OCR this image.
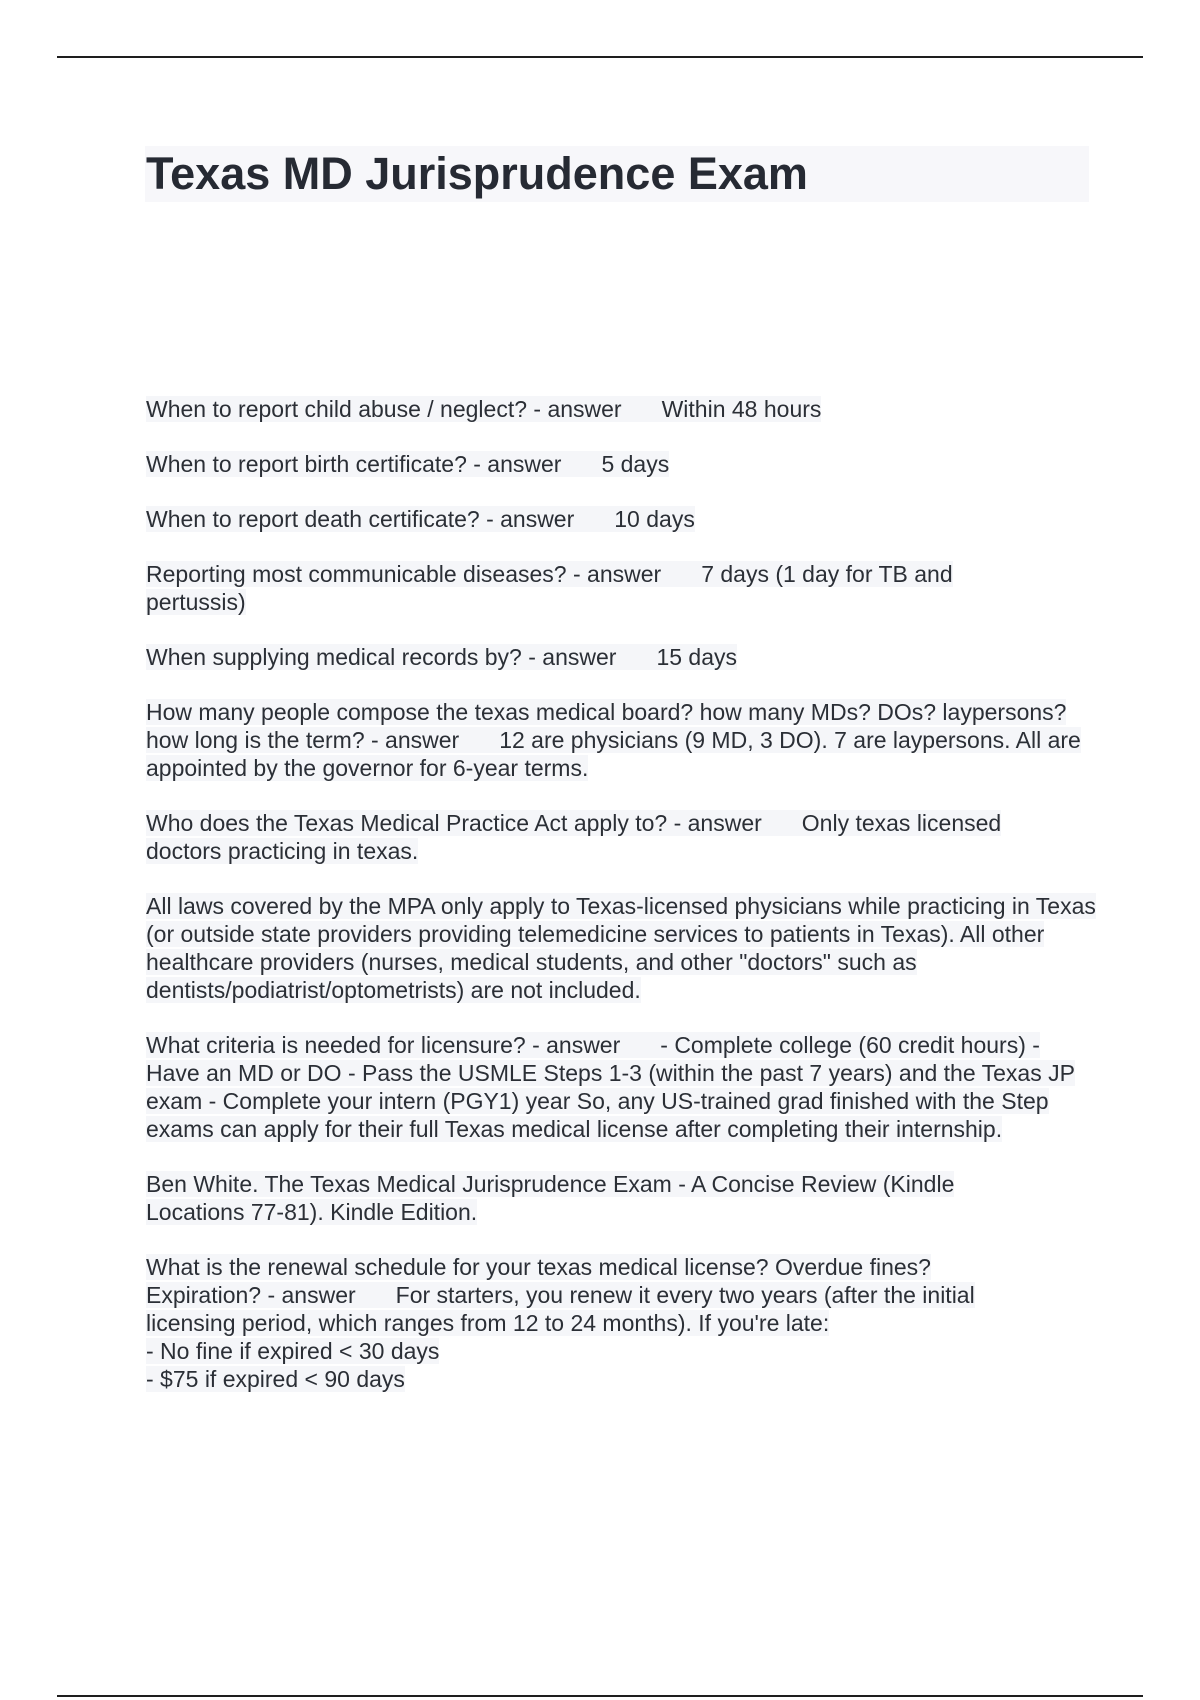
Texas MD Jurisprudence Exam

When to report child abuse / neglect? - answer Within 48 hours

When to report birth certificate? - answer 5 days

When to report death certificate? - answer 10 days

Reporting most communicable diseases? - answer 7 days (1 day for TB and pertussis)

When supplying medical records by? - answer 15 days

How many people compose the texas medical board? how many MDs? DOs? laypersons? how long is the term? - answer 12 are physicians (9 MD, 3 DO). 7 are laypersons. All are appointed by the governor for 6-year terms.

Who does the Texas Medical Practice Act apply to? - answer Only texas licensed doctors practicing in texas.

All laws covered by the MPA only apply to Texas-licensed physicians while practicing in Texas (or outside state providers providing telemedicine services to patients in Texas). All other healthcare providers (nurses, medical students, and other "doctors" such as dentists/podiatrist/optometrists) are not included.

What criteria is needed for licensure? - answer - Complete college (60 credit hours) - Have an MD or DO - Pass the USMLE Steps 1-3 (within the past 7 years) and the Texas JP exam - Complete your intern (PGY1) year So, any US-trained grad finished with the Step exams can apply for their full Texas medical license after completing their internship.

Ben White. The Texas Medical Jurisprudence Exam - A Concise Review (Kindle Locations 77-81). Kindle Edition.

What is the renewal schedule for your texas medical license? Overdue fines? Expiration? - answer For starters, you renew it every two years (after the initial licensing period, which ranges from 12 to 24 months). If you're late:
- No fine if expired < 30 days
- $75 if expired < 90 days
